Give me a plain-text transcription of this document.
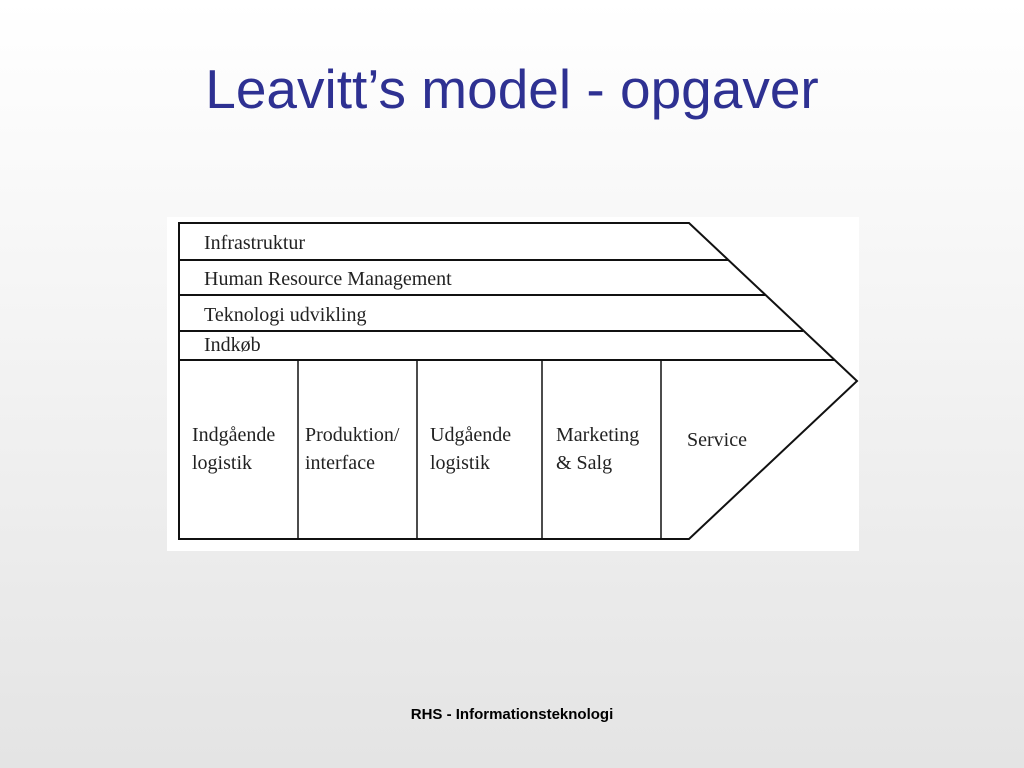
Leavitt’s model - opgaver
Infrastruktur
Human Resource Management
Teknologi udvikling
Indkøb
Indgående
logistik
Produktion/
interface
Udgående
logistik
Marketing
& Salg
Service
RHS - Informationsteknologi
